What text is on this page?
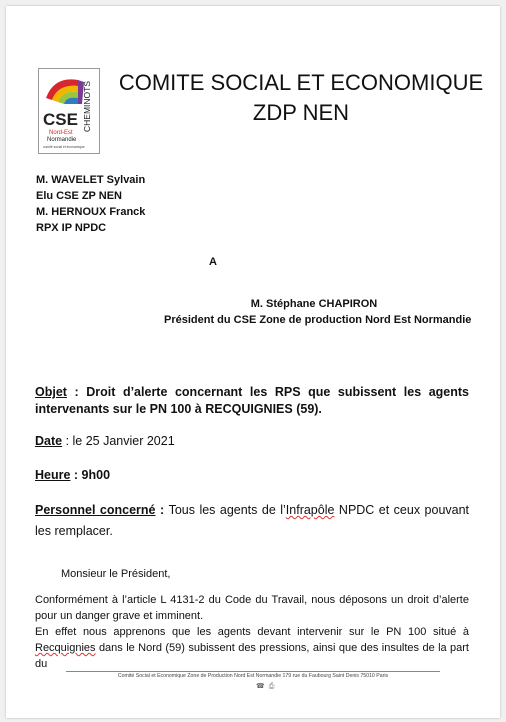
CHEMINOTS
CSE
Nord-Est
Normandie
comité social et économique
COMITE SOCIAL ET ECONOMIQUE
ZDP NEN
M. WAVELET Sylvain
Elu CSE ZP NEN
M. HERNOUX Franck
RPX IP NPDC
A
M. Stéphane CHAPIRON
Président du CSE Zone de production Nord Est Normandie
Objet : Droit d’alerte concernant les RPS que subissent les agents intervenants sur le PN 100 à RECQUIGNIES (59).
Date : le 25 Janvier 2021
Heure : 9h00
Personnel concerné : Tous les agents de l’Infrapôle NPDC et ceux pouvant les remplacer.
Monsieur le Président,

Conformément à l’article L 4131-2 du Code du Travail, nous déposons un droit d’alerte pour un danger grave et imminent.

En effet nous apprenons que les agents devant intervenir sur le PN 100 situé à Recquignies dans le Nord (59) subissent des pressions, ainsi que des insultes de la part du

Comité Social et Economique Zone de Production Nord Est Normandie 179 rue du Faubourg Saint Denis 75010 Paris
☎⎙
